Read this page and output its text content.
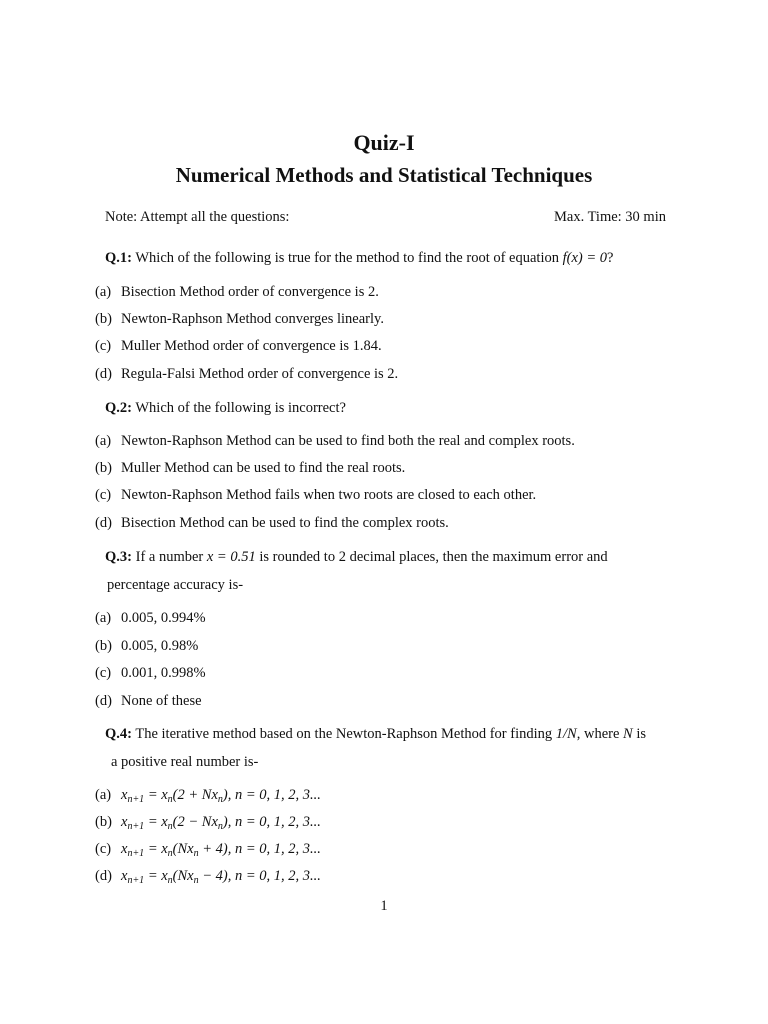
Quiz-I
Numerical Methods and Statistical Techniques
Note: Attempt all the questions:	Max. Time: 30 min
Q.1: Which of the following is true for the method to find the root of equation f(x) = 0?
(a) Bisection Method order of convergence is 2.
(b) Newton-Raphson Method converges linearly.
(c) Muller Method order of convergence is 1.84.
(d) Regula-Falsi Method order of convergence is 2.
Q.2: Which of the following is incorrect?
(a) Newton-Raphson Method can be used to find both the real and complex roots.
(b) Muller Method can be used to find the real roots.
(c) Newton-Raphson Method fails when two roots are closed to each other.
(d) Bisection Method can be used to find the complex roots.
Q.3: If a number x = 0.51 is rounded to 2 decimal places, then the maximum error and
percentage accuracy is-
(a) 0.005, 0.994%
(b) 0.005, 0.98%
(c) 0.001, 0.998%
(d) None of these
Q.4: The iterative method based on the Newton-Raphson Method for finding 1/N, where N is
a positive real number is-
(a) $x_{n+1} = x_n(2 + Nx_n)$, n = 0, 1, 2, 3...
(b) $x_{n+1} = x_n(2 - Nx_n)$, n = 0, 1, 2, 3...
(c) $x_{n+1} = x_n(Nx_n + 4)$, n = 0, 1, 2, 3...
(d) $x_{n+1} = x_n(Nx_n - 4)$, n = 0, 1, 2, 3...
1
